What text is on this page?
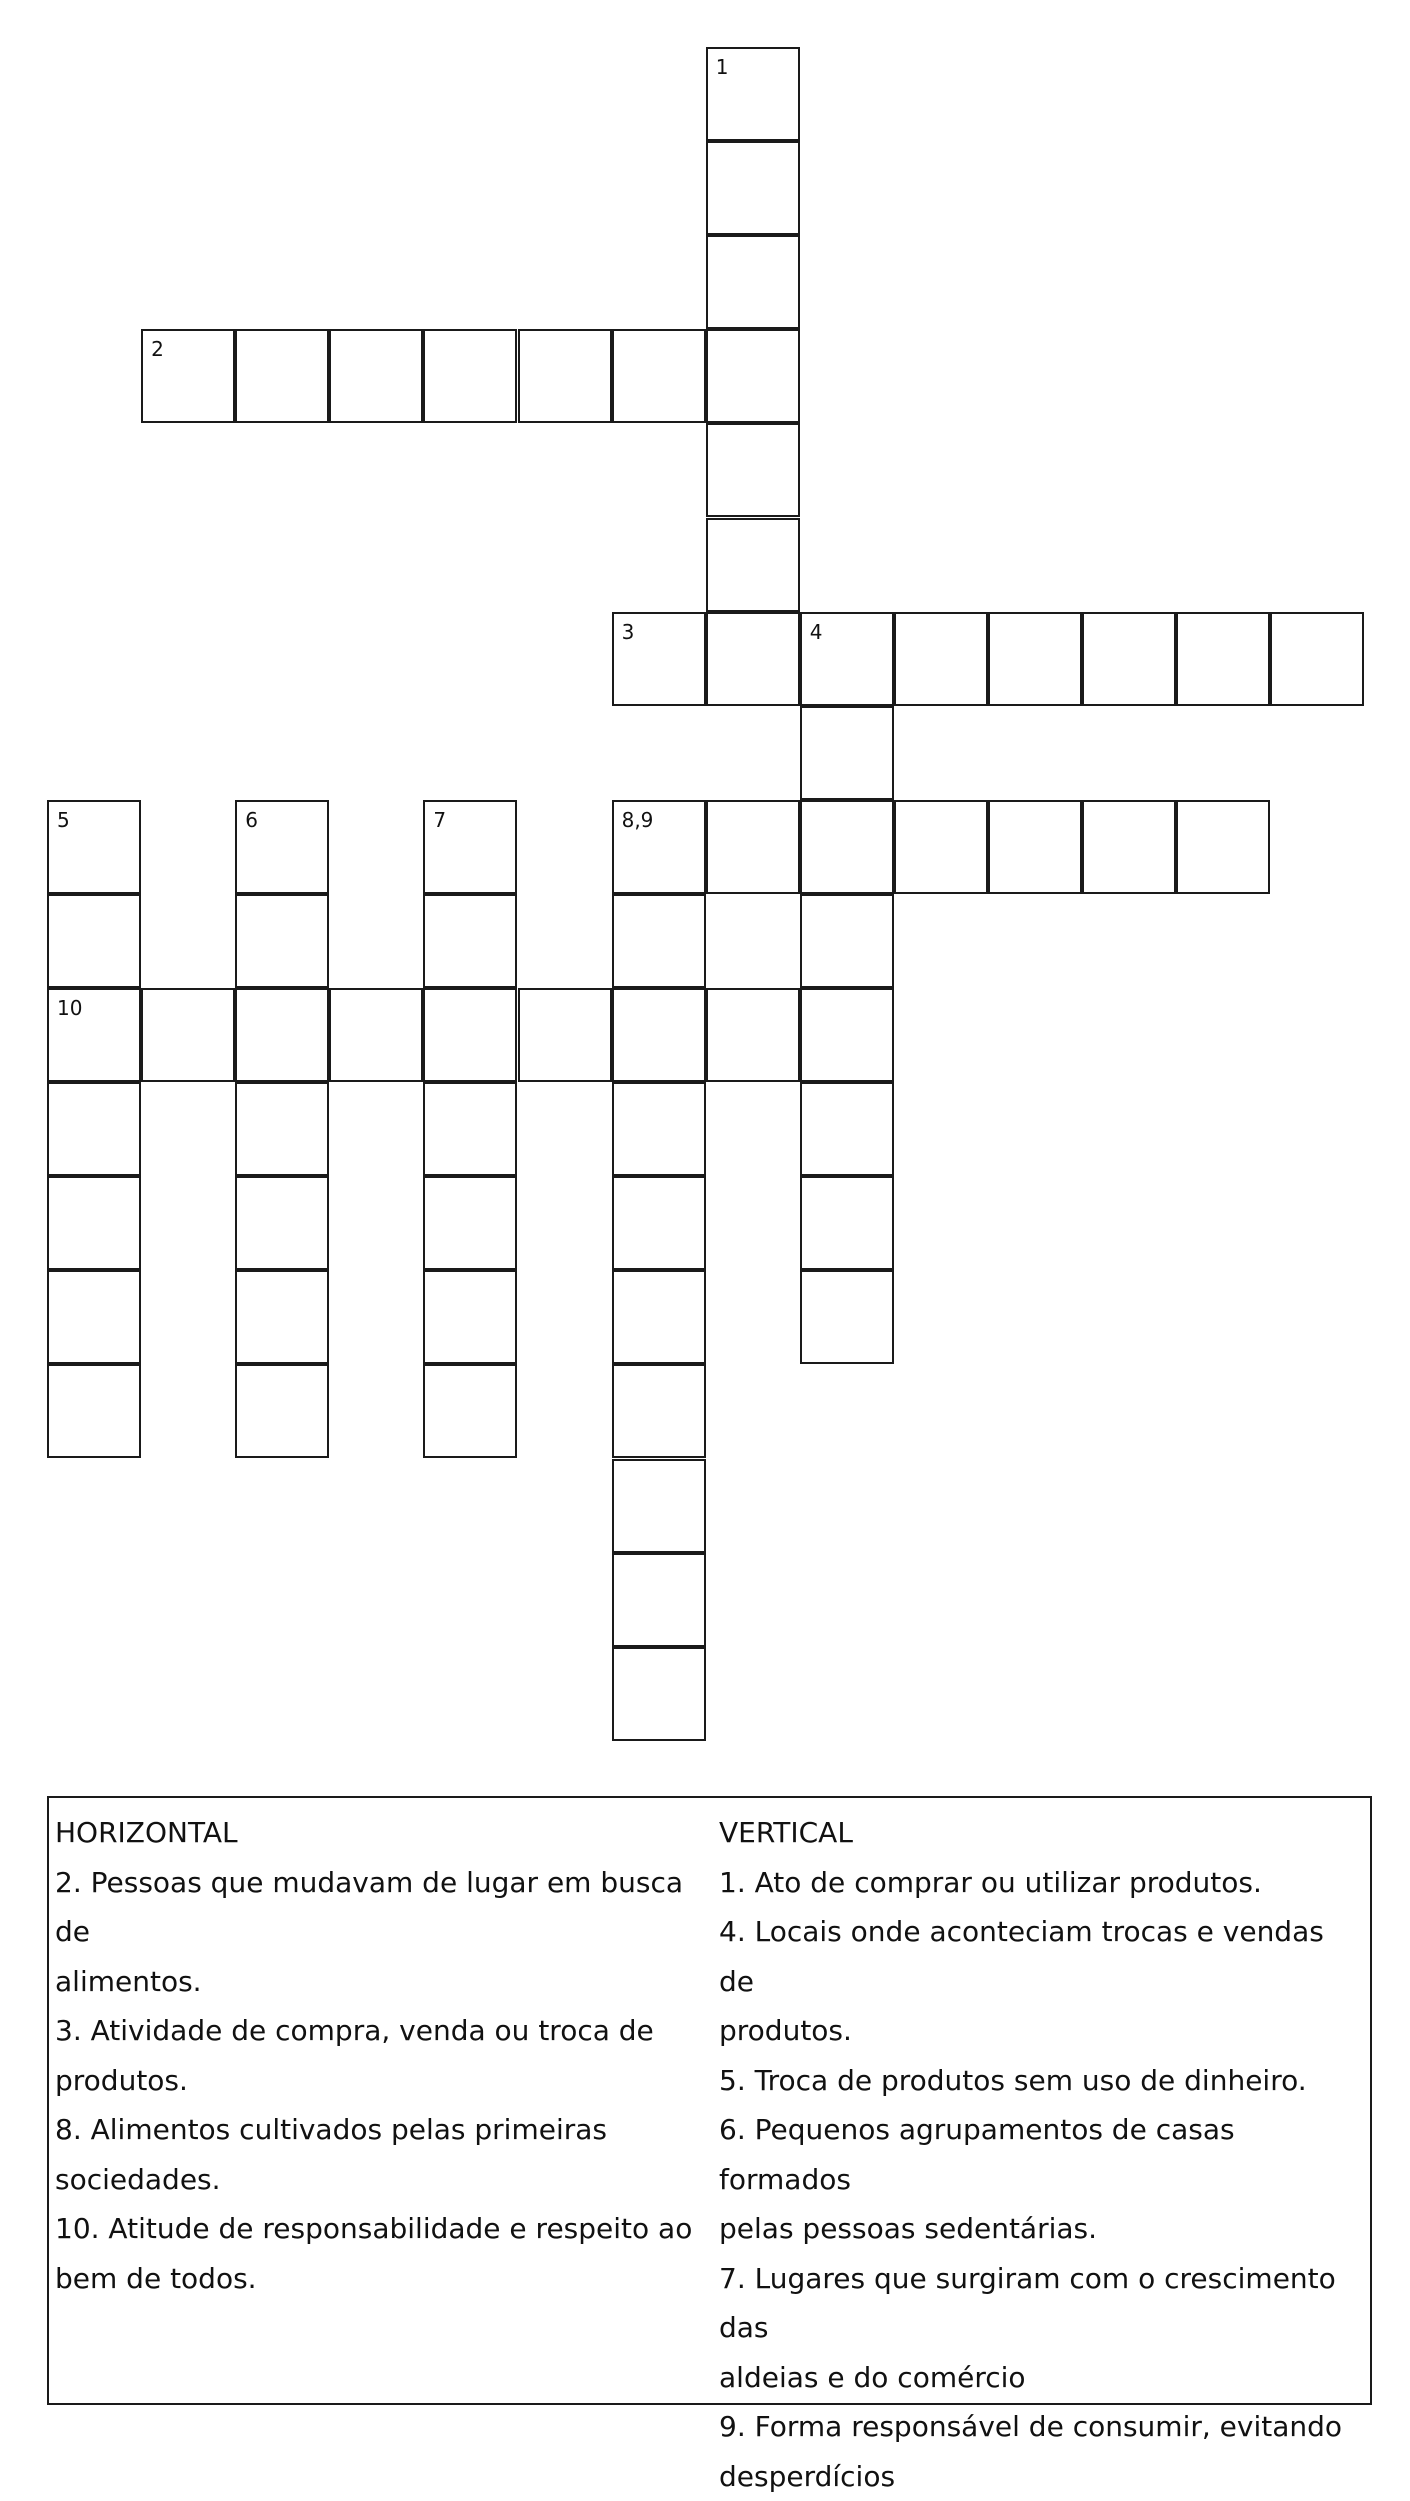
1
2
3	4
5	6	7	8,9
10
HORIZONTAL
2. Pessoas que mudavam de lugar em busca de
alimentos.
3. Atividade de compra, venda ou troca de
produtos.
8. Alimentos cultivados pelas primeiras
sociedades.
10. Atitude de responsabilidade e respeito ao
bem de todos.
VERTICAL
1. Ato de comprar ou utilizar produtos.
4. Locais onde aconteciam trocas e vendas de
produtos.
5. Troca de produtos sem uso de dinheiro.
6. Pequenos agrupamentos de casas formados
pelas pessoas sedentárias.
7. Lugares que surgiram com o crescimento das
aldeias e do comércio
9. Forma responsável de consumir, evitando
desperdícios
